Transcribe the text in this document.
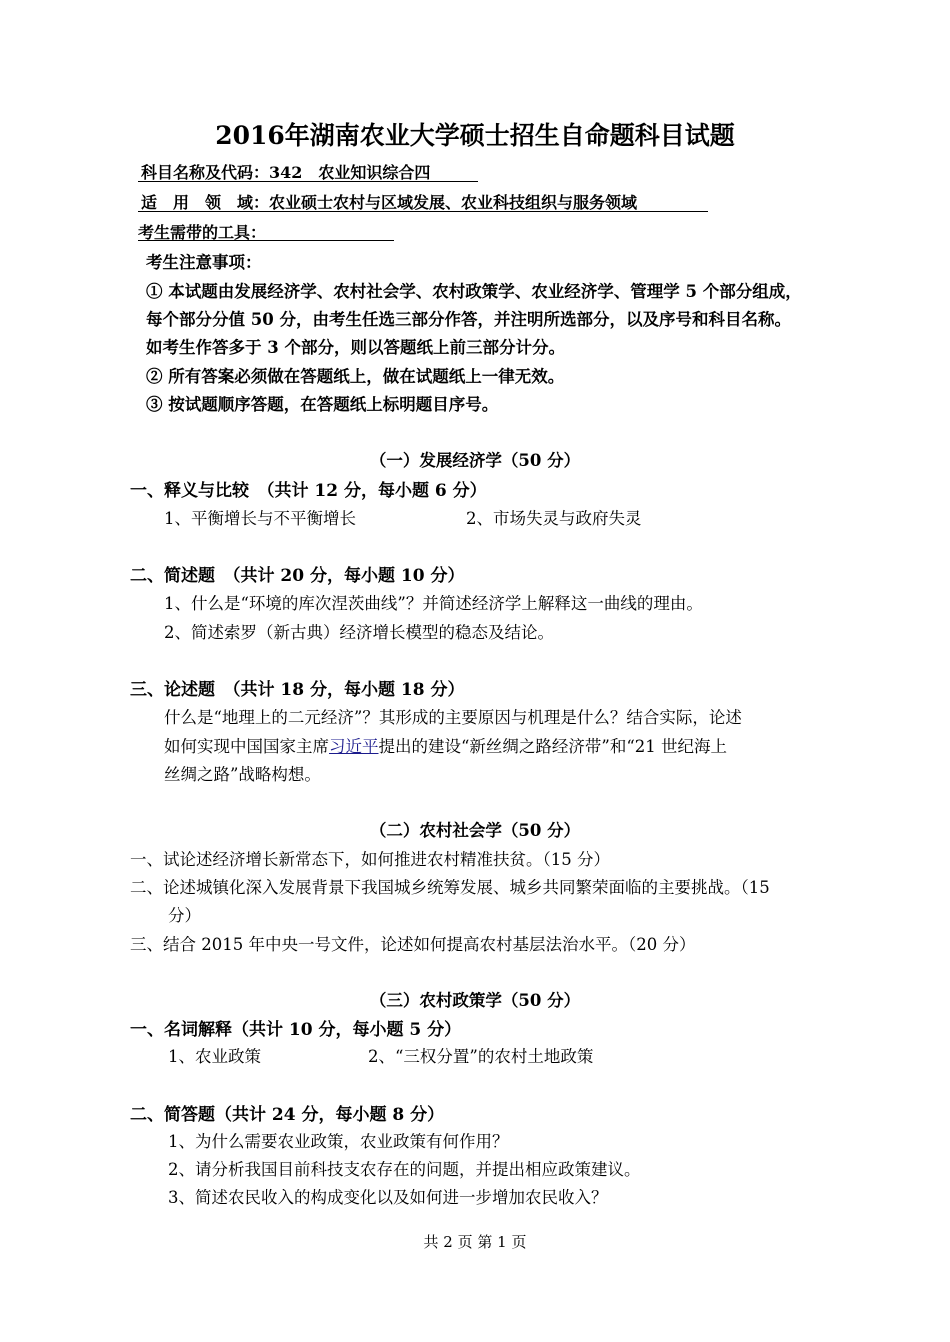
2016年湖南农业大学硕士招生自命题科目试题
科目名称及代码：342　农业知识综合四
适　用　领　域：农业硕士农村与区域发展、农业科技组织与服务领域
考生需带的工具：
考生注意事项：
① 本试题由发展经济学、农村社会学、农村政策学、农业经济学、管理学 5 个部分组成，
每个部分分值 50 分，由考生任选三部分作答，并注明所选部分，以及序号和科目名称。
如考生作答多于 3 个部分，则以答题纸上前三部分计分。
② 所有答案必须做在答题纸上，做在试题纸上一律无效。
③ 按试题顺序答题，在答题纸上标明题目序号。
（一）发展经济学（50 分）
一、释义与比较　（共计 12 分，每小题 6 分）
1、平衡增长与不平衡增长	2、市场失灵与政府失灵
二、简述题　（共计 20 分，每小题 10 分）
1、什么是“环境的库次涅茨曲线”？并简述经济学上解释这一曲线的理由。
2、简述索罗（新古典）经济增长模型的稳态及结论。
三、论述题　（共计 18 分，每小题 18 分）
什么是“地理上的二元经济”？其形成的主要原因与机理是什么？结合实际，论述
如何实现中国国家主席习近平提出的建设“新丝绸之路经济带”和“21 世纪海上
丝绸之路”战略构想。
（二）农村社会学（50 分）
一、试论述经济增长新常态下，如何推进农村精准扶贫。（15 分）
二、论述城镇化深入发展背景下我国城乡统筹发展、城乡共同繁荣面临的主要挑战。（15
分）
三、结合 2015 年中央一号文件，论述如何提高农村基层法治水平。（20 分）
（三）农村政策学（50 分）
一、名词解释（共计 10 分，每小题 5 分）
1、农业政策	2、“三权分置”的农村土地政策
二、简答题（共计 24 分，每小题 8 分）
1、为什么需要农业政策，农业政策有何作用？
2、请分析我国目前科技支农存在的问题，并提出相应政策建议。
3、简述农民收入的构成变化以及如何进一步增加农民收入？
共 2 页 第 1 页
